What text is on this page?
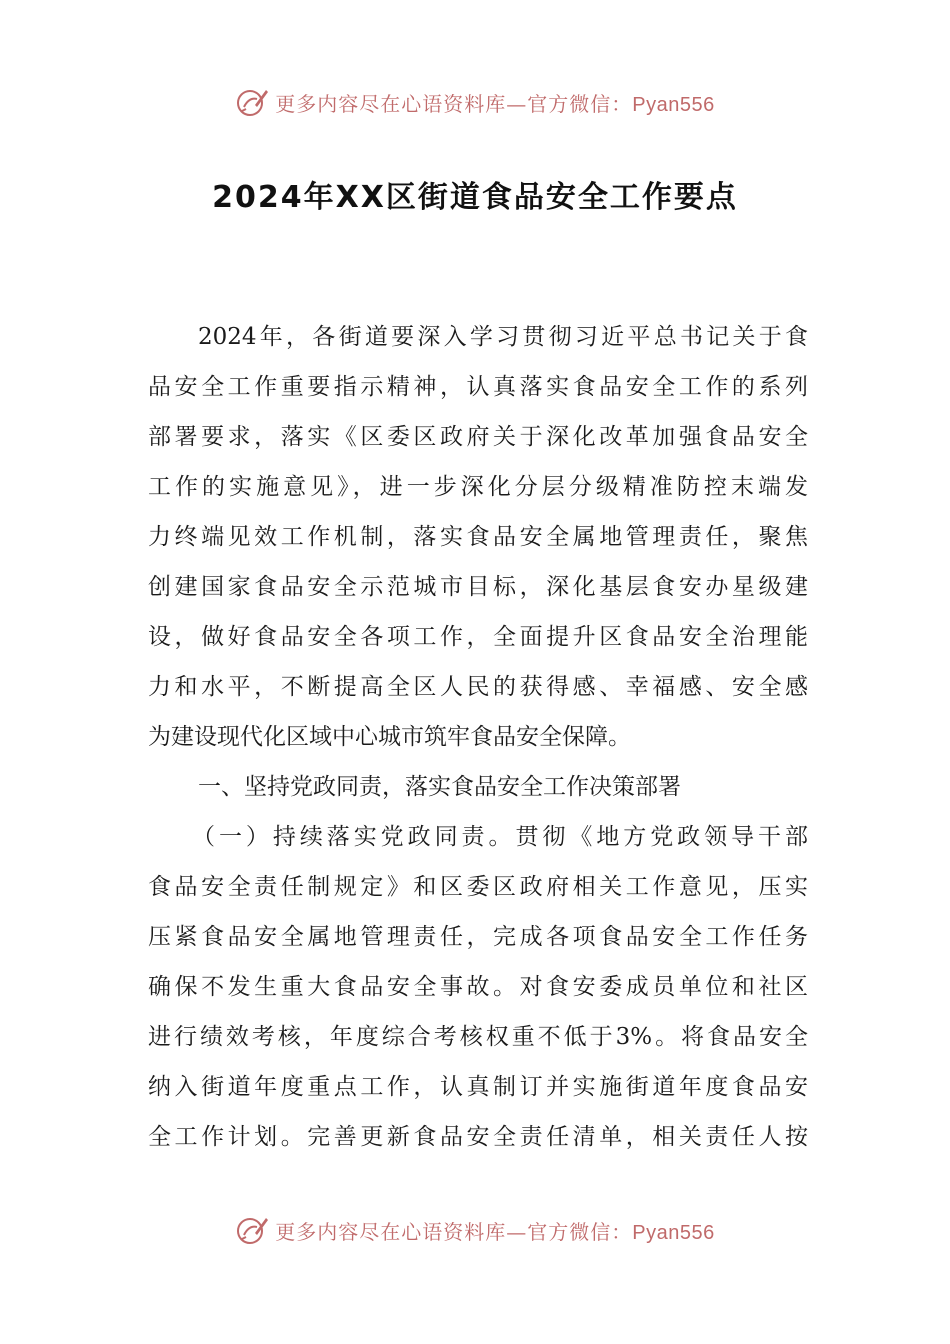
更多内容尽在心语资料库—官方微信：Pyan556
2024年XX区街道食品安全工作要点
2024年，各街道要深入学习贯彻习近平总书记关于食
品安全工作重要指示精神，认真落实食品安全工作的系列
部署要求，落实《区委区政府关于深化改革加强食品安全
工作的实施意见》，进一步深化分层分级精准防控末端发
力终端见效工作机制，落实食品安全属地管理责任，聚焦
创建国家食品安全示范城市目标，深化基层食安办星级建
设，做好食品安全各项工作，全面提升区食品安全治理能
力和水平，不断提高全区人民的获得感、幸福感、安全感
为建设现代化区域中心城市筑牢食品安全保障。
一、坚持党政同责，落实食品安全工作决策部署
（一）持续落实党政同责。贯彻《地方党政领导干部
食品安全责任制规定》和区委区政府相关工作意见，压实
压紧食品安全属地管理责任，完成各项食品安全工作任务
确保不发生重大食品安全事故。对食安委成员单位和社区
进行绩效考核，年度综合考核权重不低于3%。将食品安全
纳入街道年度重点工作，认真制订并实施街道年度食品安
全工作计划。完善更新食品安全责任清单，相关责任人按
更多内容尽在心语资料库—官方微信：Pyan556
